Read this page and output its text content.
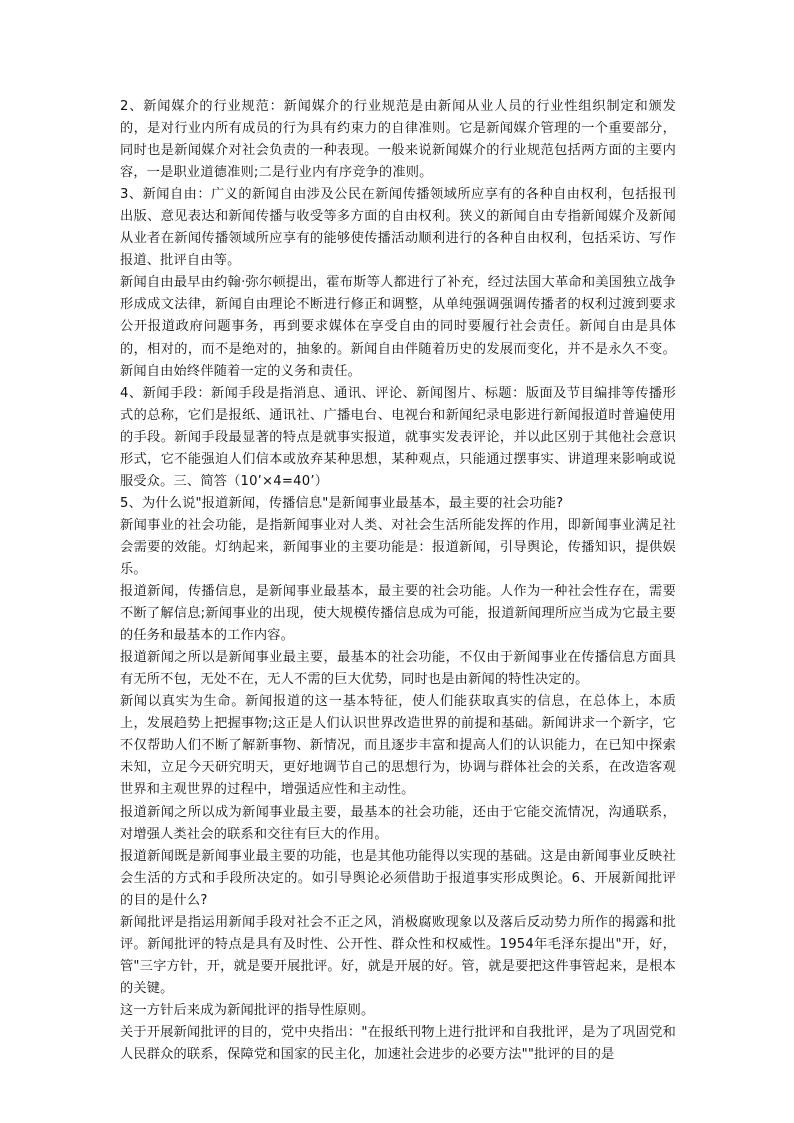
2、新闻媒介的行业规范：新闻媒介的行业规范是由新闻从业人员的行业性组织制定和颁发的，是对行业内所有成员的行为具有约束力的自律准则。它是新闻媒介管理的一个重要部分，同时也是新闻媒介对社会负责的一种表现。一般来说新闻媒介的行业规范包括两方面的主要内容，一是职业道德准则;二是行业内有序竞争的准则。

3、新闻自由：广义的新闻自由涉及公民在新闻传播领域所应享有的各种自由权利，包括报刊出版、意见表达和新闻传播与收受等多方面的自由权利。狭义的新闻自由专指新闻媒介及新闻从业者在新闻传播领域所应享有的能够使传播活动顺利进行的各种自由权利，包括采访、写作报道、批评自由等。

新闻自由最早由约翰·弥尔顿提出，霍布斯等人都进行了补充，经过法国大革命和美国独立战争形成成文法律，新闻自由理论不断进行修正和调整，从单纯强调强调传播者的权利过渡到要求公开报道政府问题事务，再到要求媒体在享受自由的同时要履行社会责任。新闻自由是具体的，相对的，而不是绝对的，抽象的。新闻自由伴随着历史的发展而变化，并不是永久不变。新闻自由始终伴随着一定的义务和责任。

4、新闻手段：新闻手段是指消息、通讯、评论、新闻图片、标题：版面及节目编排等传播形式的总称，它们是报纸、通讯社、广播电台、电视台和新闻纪录电影进行新闻报道时普遍使用的手段。新闻手段最显著的特点是就事实报道，就事实发表评论，并以此区别于其他社会意识形式，它不能强迫人们信本或放弃某种思想，某种观点，只能通过摆事实、讲道理来影响或说服受众。三、简答（10’×4=40’）

5、为什么说"报道新闻，传播信息"是新闻事业最基本，最主要的社会功能?

新闻事业的社会功能，是指新闻事业对人类、对社会生活所能发挥的作用，即新闻事业满足社会需要的效能。灯纳起来，新闻事业的主要功能是：报道新闻，引导舆论，传播知识，提供娱乐。

报道新闻，传播信息，是新闻事业最基本，最主要的社会功能。人作为一种社会性存在，需要不断了解信息;新闻事业的出现，使大规模传播信息成为可能，报道新闻理所应当成为它最主要的任务和最基本的工作内容。

报道新闻之所以是新闻事业最主要，最基本的社会功能，不仅由于新闻事业在传播信息方面具有无所不包，无处不在，无人不需的巨大优势，同时也是由新闻的特性决定的。

新闻以真实为生命。新闻报道的这一基本特征，使人们能获取真实的信息，在总体上，本质上，发展趋势上把握事物;这正是人们认识世界改造世界的前提和基础。新闻讲求一个新字，它不仅帮助人们不断了解新事物、新情况，而且逐步丰富和提高人们的认识能力，在已知中探索未知，立足今天研究明天，更好地调节自己的思想行为，协调与群体社会的关系，在改造客观世界和主观世界的过程中，增强适应性和主动性。

报道新闻之所以成为新闻事业最主要，最基本的社会功能，还由于它能交流情况，沟通联系，对增强人类社会的联系和交往有巨大的作用。

报道新闻既是新闻事业最主要的功能，也是其他功能得以实现的基础。这是由新闻事业反映社会生活的方式和手段所决定的。如引导舆论必须借助于报道事实形成舆论。6、开展新闻批评的目的是什么?

新闻批评是指运用新闻手段对社会不正之风，消极腐败现象以及落后反动势力所作的揭露和批评。新闻批评的特点是具有及时性、公开性、群众性和权威性。1954年毛泽东提出"开，好，管"三字方针，开，就是要开展批评。好，就是开展的好。管，就是要把这件事管起来，是根本的关键。

这一方针后来成为新闻批评的指导性原则。

关于开展新闻批评的目的，党中央指出："在报纸刊物上进行批评和自我批评，是为了巩固党和人民群众的联系，保障党和国家的民主化，加速社会进步的必要方法""批评的目的是
